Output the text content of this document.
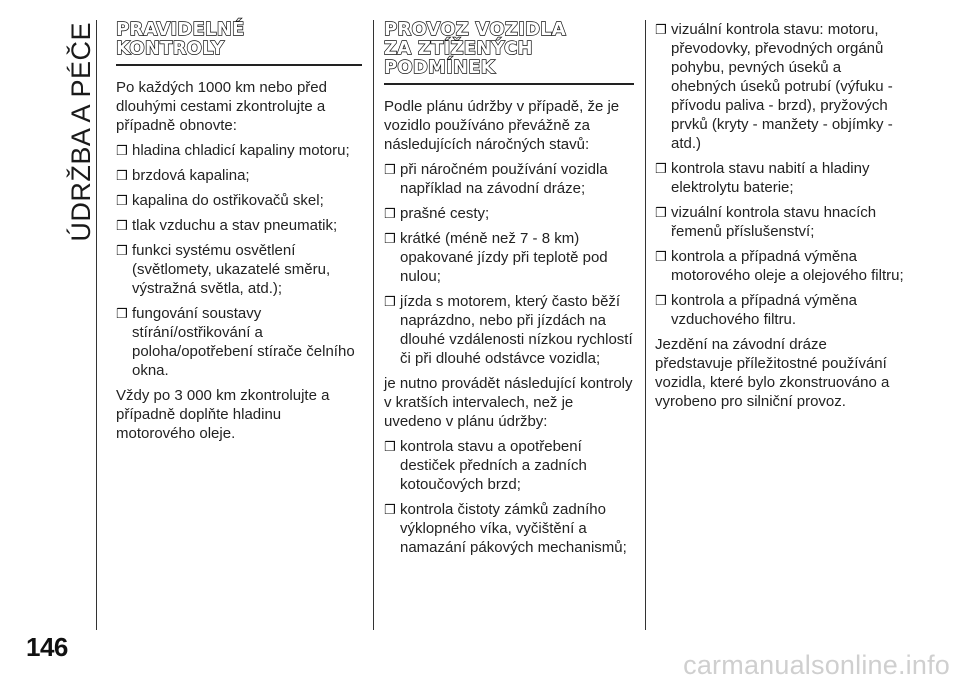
ÚDRŽBA A PÉČE
146
carmanualsonline.info
PRAVIDELNÉ
KONTROLY

Po každých 1000 km nebo před dlouhými cestami zkontrolujte a případně obnovte:

❒ hladina chladicí kapaliny motoru;
❒ brzdová kapalina;
❒ kapalina do ostřikovačů skel;
❒ tlak vzduchu a stav pneumatik;
❒ funkci systému osvětlení (světlomety, ukazatelé směru, výstražná světla, atd.);
❒ fungování soustavy stírání/ostřikování a poloha/opotřebení stírače čelního okna.

Vždy po 3 000 km zkontrolujte a případně doplňte hladinu motorového oleje.

PROVOZ VOZIDLA
ZA ZTÍŽENÝCH
PODMÍNEK

Podle plánu údržby v případě, že je vozidlo používáno převážně za následujících náročných stavů:

❒ při náročném používání vozidla například na závodní dráze;
❒ prašné cesty;
❒ krátké (méně než 7 - 8 km) opakované jízdy při teplotě pod nulou;
❒ jízda s motorem, který často běží naprázdno, nebo při jízdách na dlouhé vzdálenosti nízkou rychlostí či při dlouhé odstávce vozidla;

je nutno provádět následující kontroly v kratších intervalech, než je uvedeno v plánu údržby:

❒ kontrola stavu a opotřebení destiček předních a zadních kotoučových brzd;
❒ kontrola čistoty zámků zadního výklopného víka, vyčištění a namazání pákových mechanismů;
❒ vizuální kontrola stavu: motoru, převodovky, převodných orgánů pohybu, pevných úseků a ohebných úseků potrubí (výfuku - přívodu paliva - brzd), pryžových prvků (kryty - manžety - objímky - atd.)
❒ kontrola stavu nabití a hladiny elektrolytu baterie;
❒ vizuální kontrola stavu hnacích řemenů příslušenství;
❒ kontrola a případná výměna motorového oleje a olejového filtru;
❒ kontrola a případná výměna vzduchového filtru.

Jezdění na závodní dráze představuje příležitostné používání vozidla, které bylo zkonstruováno a vyrobeno pro silniční provoz.
